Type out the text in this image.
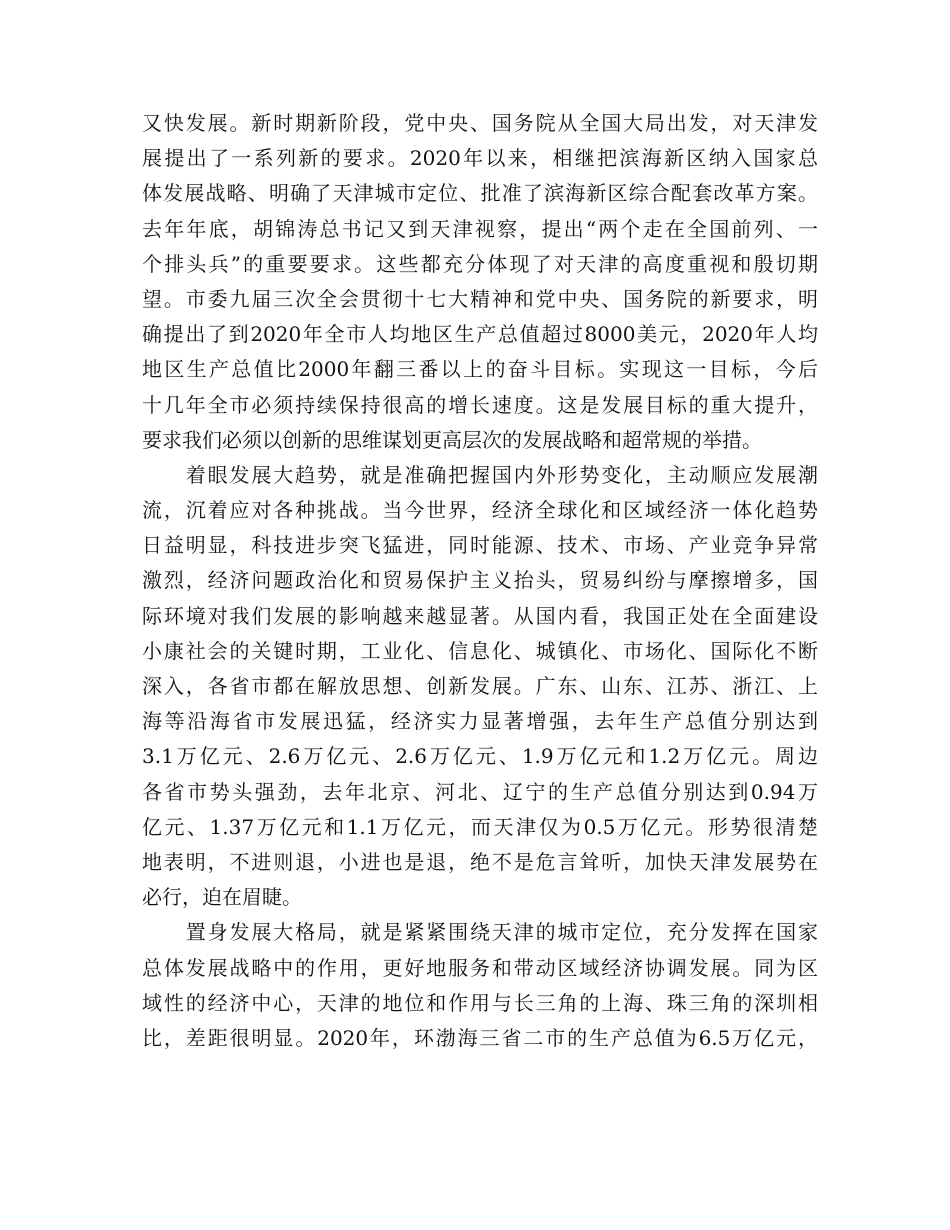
又快发展。新时期新阶段，党中央、国务院从全国大局出发，对天津发
展提出了一系列新的要求。2020年以来，相继把滨海新区纳入国家总
体发展战略、明确了天津城市定位、批准了滨海新区综合配套改革方案。
去年年底，胡锦涛总书记又到天津视察，提出“两个走在全国前列、一
个排头兵”的重要要求。这些都充分体现了对天津的高度重视和殷切期
望。市委九届三次全会贯彻十七大精神和党中央、国务院的新要求，明
确提出了到2020年全市人均地区生产总值超过8000美元，2020年人均
地区生产总值比2000年翻三番以上的奋斗目标。实现这一目标，今后
十几年全市必须持续保持很高的增长速度。这是发展目标的重大提升，
要求我们必须以创新的思维谋划更高层次的发展战略和超常规的举措。

　　着眼发展大趋势，就是准确把握国内外形势变化，主动顺应发展潮
流，沉着应对各种挑战。当今世界，经济全球化和区域经济一体化趋势
日益明显，科技进步突飞猛进，同时能源、技术、市场、产业竞争异常
激烈，经济问题政治化和贸易保护主义抬头，贸易纠纷与摩擦增多，国
际环境对我们发展的影响越来越显著。从国内看，我国正处在全面建设
小康社会的关键时期，工业化、信息化、城镇化、市场化、国际化不断
深入，各省市都在解放思想、创新发展。广东、山东、江苏、浙江、上
海等沿海省市发展迅猛，经济实力显著增强，去年生产总值分别达到
3.1万亿元、2.6万亿元、2.6万亿元、1.9万亿元和1.2万亿元。周边
各省市势头强劲，去年北京、河北、辽宁的生产总值分别达到0.94万
亿元、1.37万亿元和1.1万亿元，而天津仅为0.5万亿元。形势很清楚
地表明，不进则退，小进也是退，绝不是危言耸听，加快天津发展势在
必行，迫在眉睫。

　　置身发展大格局，就是紧紧围绕天津的城市定位，充分发挥在国家
总体发展战略中的作用，更好地服务和带动区域经济协调发展。同为区
域性的经济中心，天津的地位和作用与长三角的上海、珠三角的深圳相
比，差距很明显。2020年，环渤海三省二市的生产总值为6.5万亿元，
